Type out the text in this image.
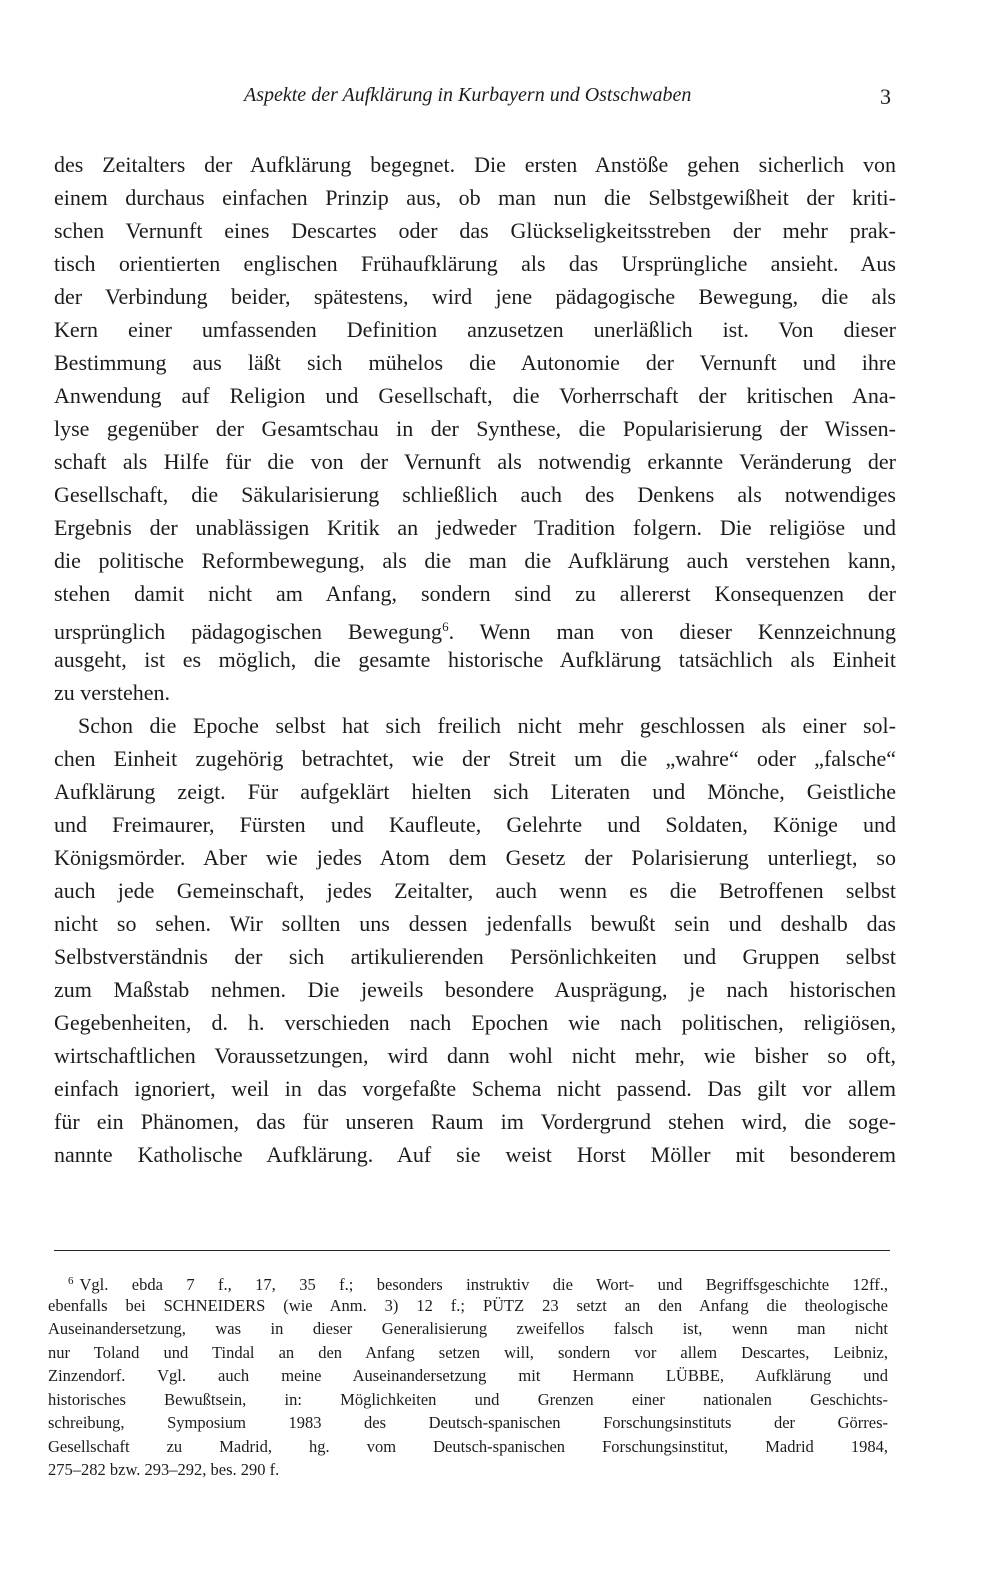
Aspekte der Aufklärung in Kurbayern und Ostschwaben	3
des Zeitalters der Aufklärung begegnet. Die ersten Anstöße gehen sicherlich von
einem durchaus einfachen Prinzip aus, ob man nun die Selbstgewißheit der kriti-
schen Vernunft eines Descartes oder das Glückseligkeitsstreben der mehr prak-
tisch orientierten englischen Frühaufklärung als das Ursprüngliche ansieht. Aus
der Verbindung beider, spätestens, wird jene pädagogische Bewegung, die als
Kern einer umfassenden Definition anzusetzen unerläßlich ist. Von dieser
Bestimmung aus läßt sich mühelos die Autonomie der Vernunft und ihre
Anwendung auf Religion und Gesellschaft, die Vorherrschaft der kritischen Ana-
lyse gegenüber der Gesamtschau in der Synthese, die Popularisierung der Wissen-
schaft als Hilfe für die von der Vernunft als notwendig erkannte Veränderung der
Gesellschaft, die Säkularisierung schließlich auch des Denkens als notwendiges
Ergebnis der unablässigen Kritik an jedweder Tradition folgern. Die religiöse und
die politische Reformbewegung, als die man die Aufklärung auch verstehen kann,
stehen damit nicht am Anfang, sondern sind zu allererst Konsequenzen der
ursprünglich pädagogischen Bewegung$^6$. Wenn man von dieser Kennzeichnung
ausgeht, ist es möglich, die gesamte historische Aufklärung tatsächlich als Einheit
zu verstehen.
Schon die Epoche selbst hat sich freilich nicht mehr geschlossen als einer sol-
chen Einheit zugehörig betrachtet, wie der Streit um die „wahre“ oder „falsche“
Aufklärung zeigt. Für aufgeklärt hielten sich Literaten und Mönche, Geistliche
und Freimaurer, Fürsten und Kaufleute, Gelehrte und Soldaten, Könige und
Königsmörder. Aber wie jedes Atom dem Gesetz der Polarisierung unterliegt, so
auch jede Gemeinschaft, jedes Zeitalter, auch wenn es die Betroffenen selbst
nicht so sehen. Wir sollten uns dessen jedenfalls bewußt sein und deshalb das
Selbstverständnis der sich artikulierenden Persönlichkeiten und Gruppen selbst
zum Maßstab nehmen. Die jeweils besondere Ausprägung, je nach historischen
Gegebenheiten, d. h. verschieden nach Epochen wie nach politischen, religiösen,
wirtschaftlichen Voraussetzungen, wird dann wohl nicht mehr, wie bisher so oft,
einfach ignoriert, weil in das vorgefaßte Schema nicht passend. Das gilt vor allem
für ein Phänomen, das für unseren Raum im Vordergrund stehen wird, die soge-
nannte Katholische Aufklärung. Auf sie weist Horst Möller mit besonderem
$^6$ Vgl. ebda 7 f., 17, 35 f.; besonders instruktiv die Wort- und Begriffsgeschichte 12ff.,
ebenfalls bei SCHNEIDERS (wie Anm. 3) 12 f.; PÜTZ 23 setzt an den Anfang die theologische
Auseinandersetzung, was in dieser Generalisierung zweifellos falsch ist, wenn man nicht
nur Toland und Tindal an den Anfang setzen will, sondern vor allem Descartes, Leibniz,
Zinzendorf. Vgl. auch meine Auseinandersetzung mit Hermann LÜBBE, Aufklärung und
historisches Bewußtsein, in: Möglichkeiten und Grenzen einer nationalen Geschichts-
schreibung, Symposium 1983 des Deutsch-spanischen Forschungsinstituts der Görres-
Gesellschaft zu Madrid, hg. vom Deutsch-spanischen Forschungsinstitut, Madrid 1984,
275–282 bzw. 293–292, bes. 290 f.
